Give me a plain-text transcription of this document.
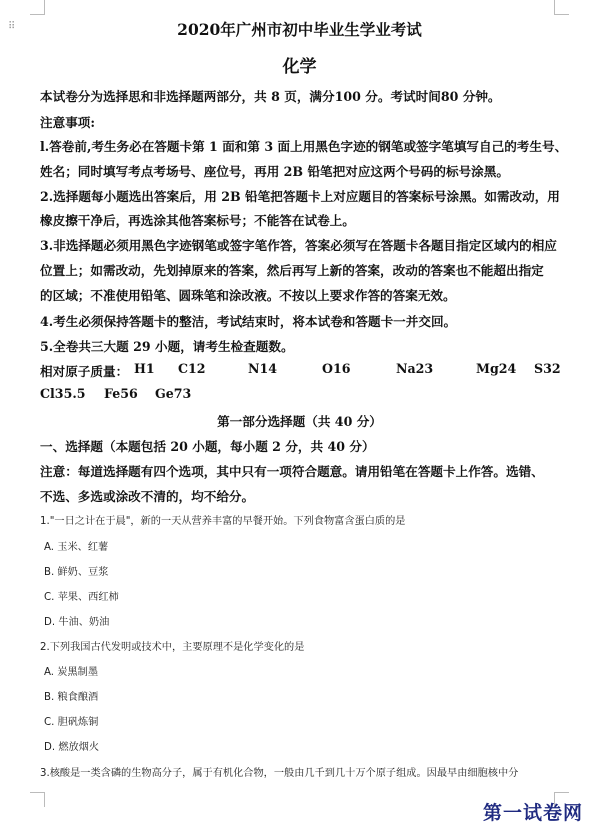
⠿	2020年广州市初中毕业生学业考试
化学
本试卷分为选择思和非选择题两部分，共 8 页，满分100 分。考试时间80 分钟。
注意事项:
l.答卷前,考生务必在答题卡第 1 面和第 3 面上用黑色字迹的钢笔或签字笔填写自己的考生号、
姓名；同时填写考点考场号、座位号，再用 2B 铅笔把对应这两个号码的标号涂黑。
2.选择题每小题选出答案后，用 2B 铅笔把答题卡上对应题目的答案标号涂黑。如需改动，用
橡皮擦干净后，再选涂其他答案标号；不能答在试卷上。
3.非选择题必须用黑色字迹钢笔或签字笔作答，答案必须写在答题卡各题目指定区域内的相应
位置上；如需改动，先划掉原来的答案，然后再写上新的答案，改动的答案也不能超出指定
的区域；不准使用铅笔、圆珠笔和涂改液。不按以上要求作答的答案无效。
4.考生必须保持答题卡的整洁，考试结束时，将本试卷和答题卡一并交回。
5.全卷共三大题 29 小题，请考生检查题数。
相对原子质量： H1 C12	N14	O16	Na23	Mg24 S32
Cl35.5 Fe56 Ge73
第一部分选择题（共 40 分）
一、选择题（本题包括 20 小题，每小题 2 分，共 40 分）
注意：每道选择题有四个选项，其中只有一项符合题意。请用铅笔在答题卡上作答。选错、
不选、多选或涂改不清的，均不给分。
1."一日之计在于晨"，新的一天从营养丰富的早餐开始。下列食物富含蛋白质的是
A. 玉米、红薯
B. 鲜奶、豆浆
C. 苹果、西红柿
D. 牛油、奶油
2.下列我国古代发明或技术中，主要原理不是化学变化的是
A. 炭黑制墨
B. 粮食酿酒
C. 胆矾炼铜
D. 燃放烟火
3.核酸是一类含磷的生物高分子，属于有机化合物，一般由几千到几十万个原子组成。因最早由细胞核中分
第一试卷网
